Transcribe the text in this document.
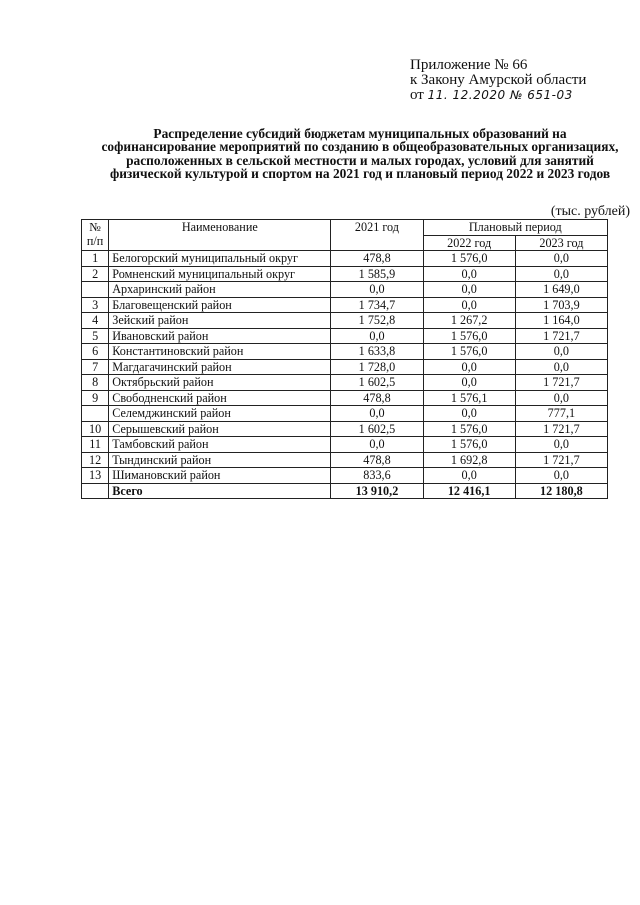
Приложение № 66
к Закону Амурской области
от 11. 12.2020 № 651-03
Распределение субсидий бюджетам муниципальных образований на софинансирование мероприятий по созданию в общеобразовательных организациях, расположенных в сельской местности и малых городах, условий для занятий физической культурой и спортом на 2021 год и плановый период 2022 и 2023 годов
(тыс. рублей)
№ п/п	Наименование	2021 год	Плановый период	
			2022 год	2023 год
1	Белогорский муниципальный округ	478,8	1 576,0	0,0
2	Ромненский муниципальный округ	1 585,9	0,0	0,0
	Архаринский район	0,0	0,0	1 649,0
3	Благовещенский район	1 734,7	0,0	1 703,9
4	Зейский район	1 752,8	1 267,2	1 164,0
5	Ивановский район	0,0	1 576,0	1 721,7
6	Константиновский район	1 633,8	1 576,0	0,0
7	Магдагачинский район	1 728,0	0,0	0,0
8	Октябрьский район	1 602,5	0,0	1 721,7
9	Свободненский район	478,8	1 576,1	0,0
	Селемджинский район	0,0	0,0	777,1
10	Серышевский район	1 602,5	1 576,0	1 721,7
11	Тамбовский район	0,0	1 576,0	0,0
12	Тындинский район	478,8	1 692,8	1 721,7
13	Шимановский район	833,6	0,0	0,0
	Всего	13 910,2	12 416,1	12 180,8
